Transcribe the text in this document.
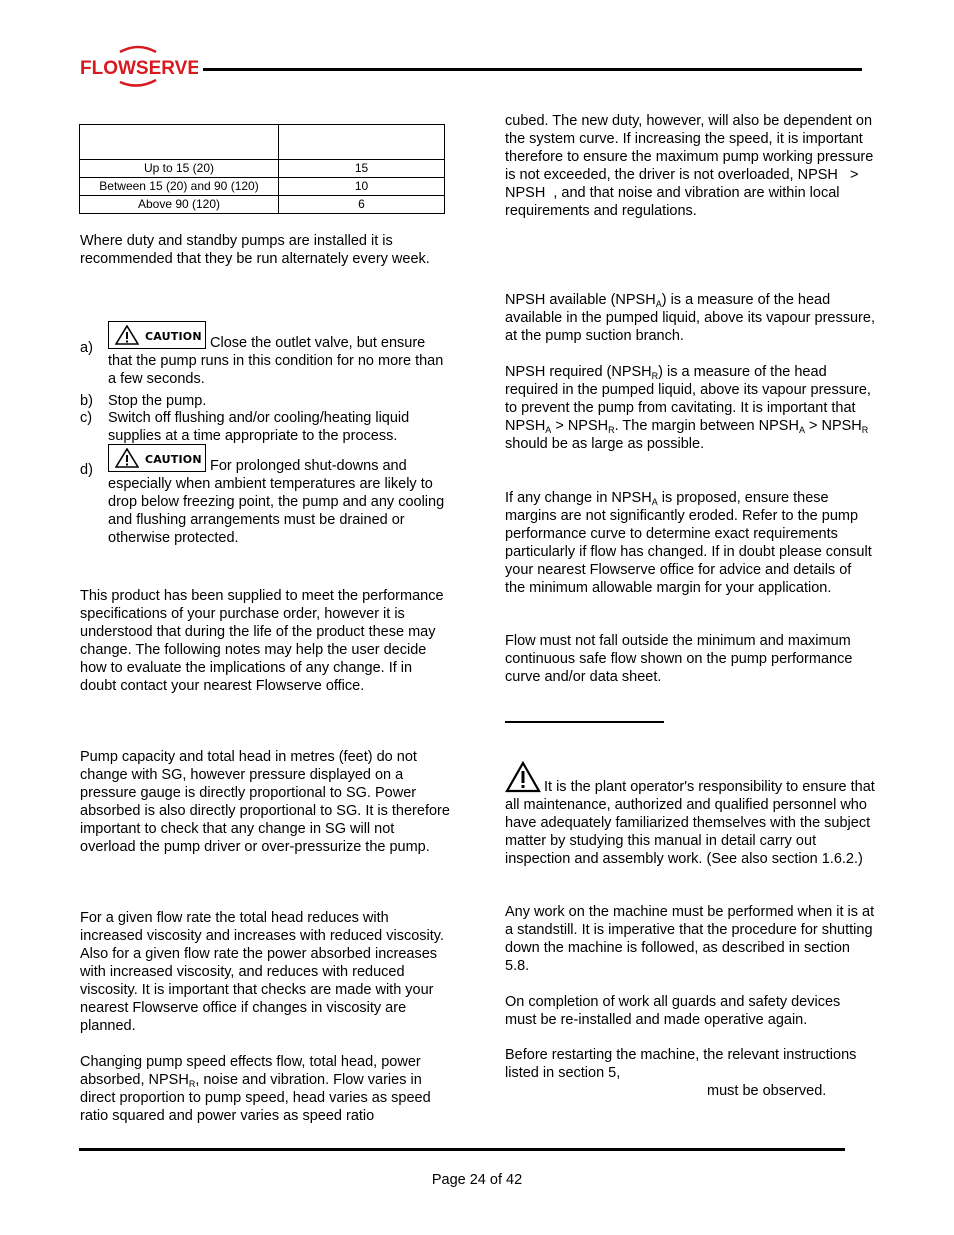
FLOWSERVE

Up to 15 (20)	15
Between 15 (20) and 90 (120)	10
Above 90 (120)	6

Where duty and standby pumps are installed it is recommended that they be run alternately every week.

a)
CAUTION Close the outlet valve, but ensure that the pump runs in this condition for no more than a few seconds.
b)	Stop the pump.
c)	Switch off flushing and/or cooling/heating liquid supplies at a time appropriate to the process.
d)
CAUTION For prolonged shut-downs and especially when ambient temperatures are likely to drop below freezing point, the pump and any cooling and flushing arrangements must be drained or otherwise protected.

This product has been supplied to meet the performance specifications of your purchase order, however it is understood that during the life of the product these may change. The following notes may help the user decide how to evaluate the implications of any change. If in doubt contact your nearest Flowserve office.

Pump capacity and total head in metres (feet) do not change with SG, however pressure displayed on a pressure gauge is directly proportional to SG. Power absorbed is also directly proportional to SG. It is therefore important to check that any change in SG will not overload the pump driver or over-pressurize the pump.

For a given flow rate the total head reduces with increased viscosity and increases with reduced viscosity. Also for a given flow rate the power absorbed increases with increased viscosity, and reduces with reduced viscosity. It is important that checks are made with your nearest Flowserve office if changes in viscosity are planned.

Changing pump speed effects flow, total head, power absorbed, $NPSH_R$, noise and vibration. Flow varies in direct proportion to pump speed, head varies as speed ratio squared and power varies as speed ratio

cubed. The new duty, however, will also be dependent on the system curve. If increasing the speed, it is important therefore to ensure the maximum pump working pressure is not exceeded, the driver is not overloaded, NPSH > NPSH , and that noise and vibration are within local requirements and regulations.

NPSH available $(NPSH_A)$ is a measure of the head available in the pumped liquid, above its vapour pressure, at the pump suction branch.

NPSH required $(NPSH_R)$ is a measure of the head required in the pumped liquid, above its vapour pressure, to prevent the pump from cavitating. It is important that $NPSH_A$ > $NPSH_R$. The margin between $NPSH_A$ > $NPSH_R$ should be as large as possible.

If any change in $NPSH_A$ is proposed, ensure these margins are not significantly eroded. Refer to the pump performance curve to determine exact requirements particularly if flow has changed. If in doubt please consult your nearest Flowserve office for advice and details of the minimum allowable margin for your application.

Flow must not fall outside the minimum and maximum continuous safe flow shown on the pump performance curve and/or data sheet.

It is the plant operator's responsibility to ensure that all maintenance, authorized and qualified personnel who have adequately familiarized themselves with the subject matter by studying this manual in detail carry out inspection and assembly work. (See also section 1.6.2.)

Any work on the machine must be performed when it is at a standstill. It is imperative that the procedure for shutting down the machine is followed, as described in section 5.8.

On completion of work all guards and safety devices must be re-installed and made operative again.

Before restarting the machine, the relevant instructions listed in section 5,

must be observed.

Page 24 of 42
